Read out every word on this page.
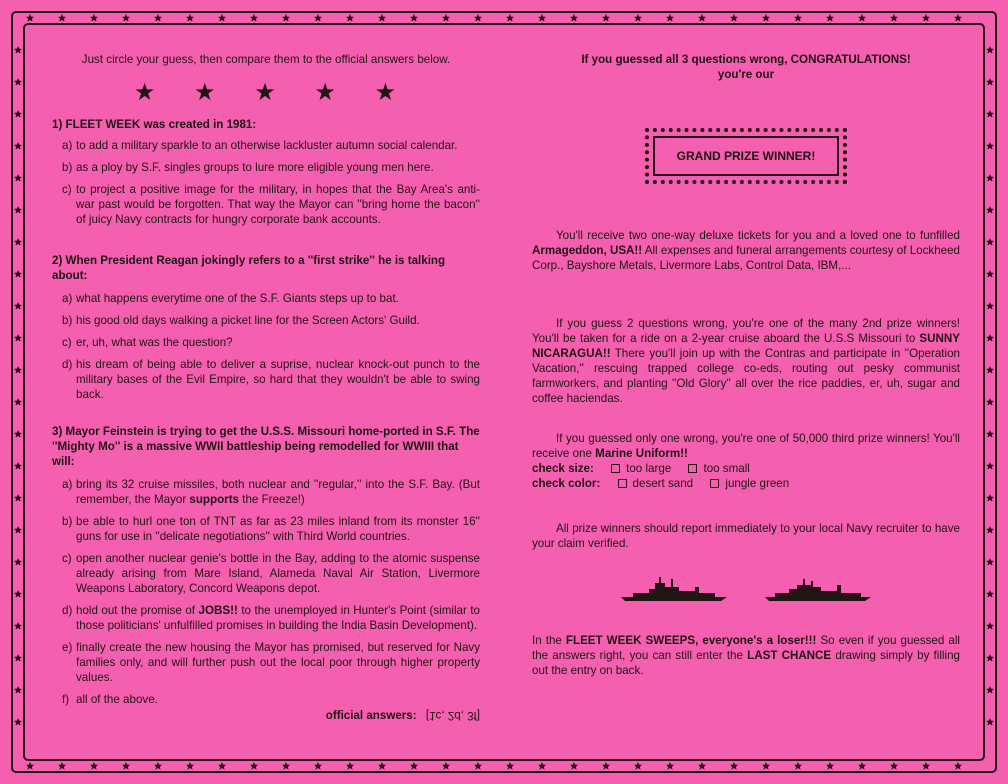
Just circle your guess, then compare them to the official answers below.

★ ★ ★ ★ ★

1) FLEET WEEK was created in 1981:

a) to add a military sparkle to an otherwise lackluster autumn social calendar.
b) as a ploy by S.F. singles groups to lure more eligible young men here.
c) to project a positive image for the military, in hopes that the Bay Area's anti-war past would be forgotten. That way the Mayor can ''bring home the bacon'' of juicy Navy contracts for hungry corporate bank accounts.

2) When President Reagan jokingly refers to a ''first strike'' he is talking about:

a) what happens everytime one of the S.F. Giants steps up to bat.
b) his good old days walking a picket line for the Screen Actors' Guild.
c) er, uh, what was the question?
d) his dream of being able to deliver a suprise, nuclear knock-out punch to the military bases of the Evil Empire, so hard that they wouldn't be able to swing back.

3) Mayor Feinstein is trying to get the U.S.S. Missouri home-ported in S.F. The ''Mighty Mo'' is a massive WWII battleship being remodelled for WWIII that will:

a) bring its 32 cruise missiles, both nuclear and ''regular,'' into the S.F. Bay. (But remember, the Mayor supports the Freeze!)
b) be able to hurl one ton of TNT as far as 23 miles inland from its monster 16'' guns for use in ''delicate negotiations'' with Third World countries.
c) open another nuclear genie's bottle in the Bay, adding to the atomic suspense already arising from Mare Island, Alameda Naval Air Station, Livermore Weapons Laboratory, Concord Weapons depot.
d) hold out the promise of JOBS!! to the unemployed in Hunter's Point (similar to those politicians' unfulfilled promises in building the India Basin Development).
e) finally create the new housing the Mayor has promised, but reserved for Navy families only, and will further push out the local poor through higher property values.
f) all of the above.

official answers: [1c, 2d, 3f]

If you guessed all 3 questions wrong, CONGRATULATIONS!

you're our

GRAND PRIZE WINNER!

You'll receive two one-way deluxe tickets for you and a loved one to funfilled Armageddon, USA!! All expenses and funeral arrangements courtesy of Lockheed Corp., Bayshore Metals, Livermore Labs, Control Data, IBM,...

If you guess 2 questions wrong, you're one of the many 2nd prize winners! You'll be taken for a ride on a 2-year cruise aboard the U.S.S Missouri to SUNNY NICARAGUA!! There you'll join up with the Contras and participate in ''Operation Vacation,'' rescuing trapped college co-eds, routing out pesky communist farmworkers, and planting ''Old Glory'' all over the rice paddies, er, uh, sugar and coffee haciendas.

If you guessed only one wrong, you're one of 50,000 third prize winners! You'll receive one Marine Uniform!!

check size:	too large	too small
check color:	desert sand	jungle green

All prize winners should report immediately to your local Navy recruiter to have your claim verified.

In the FLEET WEEK SWEEPS, everyone's a loser!!! So even if you guessed all the answers right, you can still enter the LAST CHANCE drawing simply by filling out the entry on back.
